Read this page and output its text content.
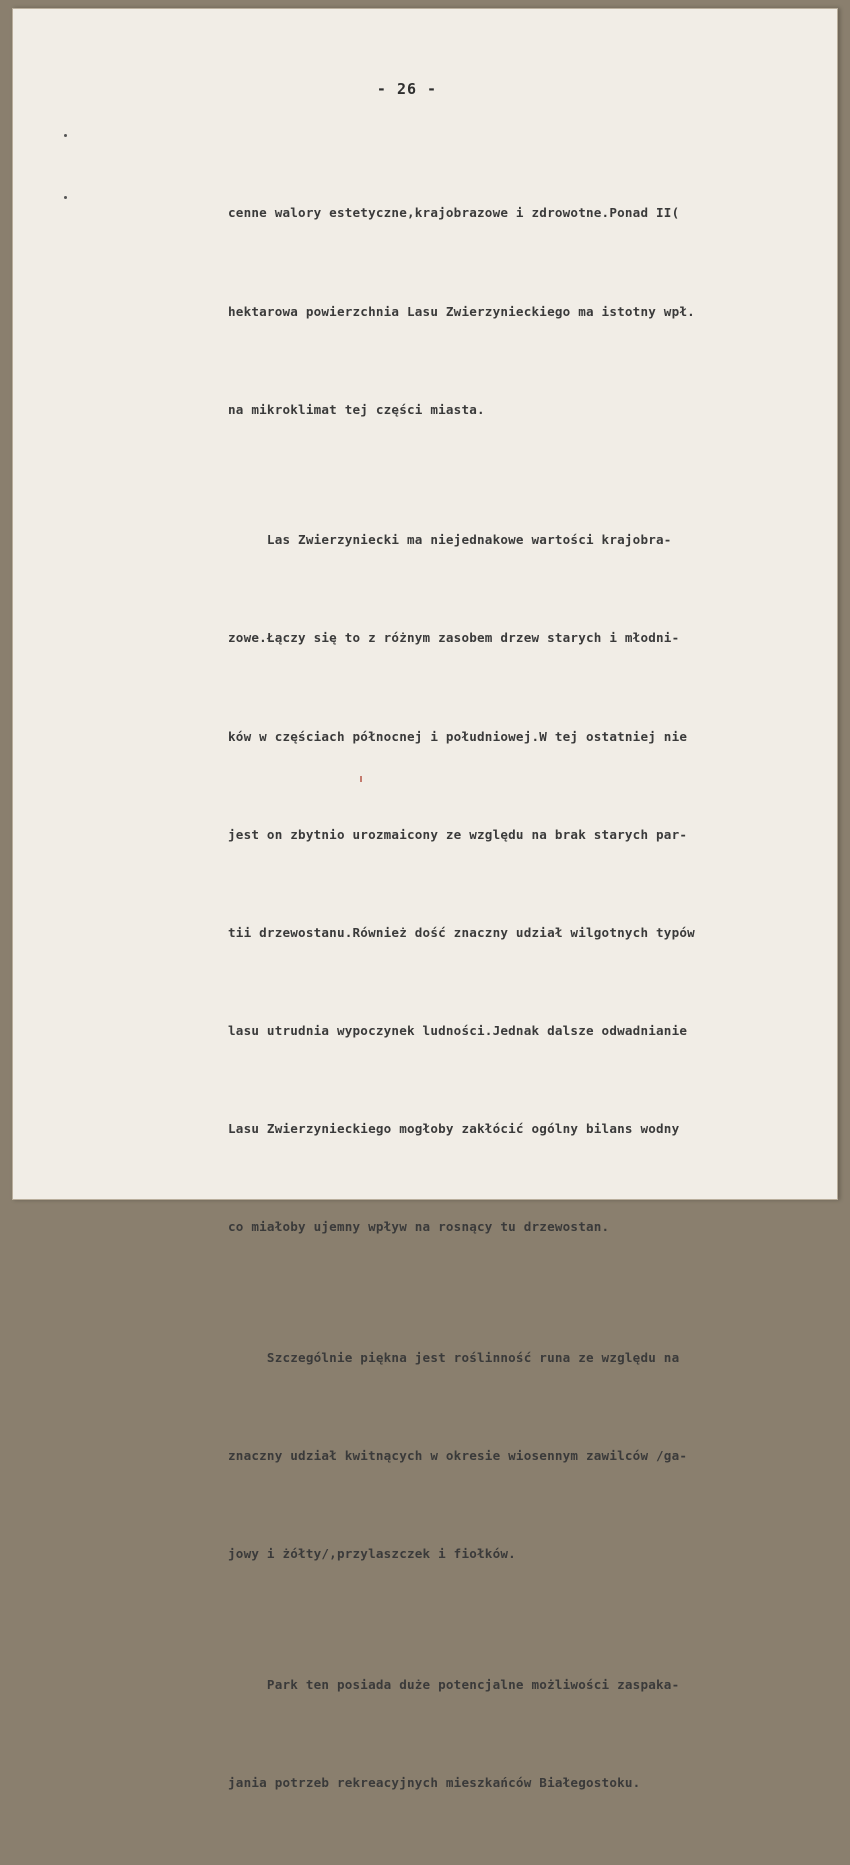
- 26 -

cenne walory estetyczne,krajobrazowe i zdrowotne.Ponad II(

hektarowa powierzchnia Lasu Zwierzynieckiego ma istotny wpł.

na mikroklimat tej części miasta.

Las Zwierzyniecki ma niejednakowe wartości krajobra-

zowe.Łączy się to z różnym zasobem drzew starych i młodni-

ków w częściach północnej i południowej.W tej ostatniej nie

jest on zbytnio urozmaicony ze względu na brak starych par-

tii drzewostanu.Również dość znaczny udział wilgotnych typów

lasu utrudnia wypoczynek ludności.Jednak dalsze odwadnianie

Lasu Zwierzynieckiego mogłoby zakłócić ogólny bilans wodny

co miałoby ujemny wpływ na rosnący tu drzewostan.

Szczególnie piękna jest roślinność runa ze względu na

znaczny udział kwitnących w okresie wiosennym zawilców /ga-

jowy i żółty/,przylaszczek i fiołków.

Park ten posiada duże potencjalne możliwości zaspaka-

jania potrzeb rekreacyjnych mieszkańców Białegostoku.
